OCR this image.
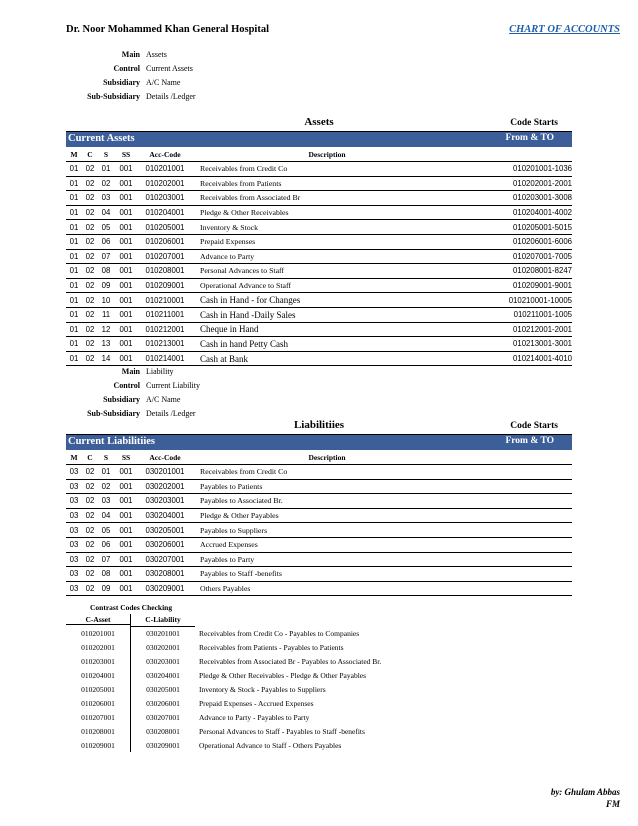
Dr. Noor Mohammed Khan General Hospital	CHART OF ACCOUNTS
Main Assets
Control Current Assets
Subsidiary A/C Name
Sub-Subsidiary Details /Ledger
Assets	Code Starts
Current Assets	From & TO
M	C	S	SS	Acc-Code	Description
01 02 01	001	010201001	Receivables from Credit Co	010201001-1036
01 02 02	001	010202001	Receivables from Patients	010202001-2001
01 02 03	001	010203001	Receivables from Associated Br	010203001-3008
01 02 04	001	010204001	Pledge & Other Receivables	010204001-4002
01 02 05	001	010205001	Inventory & Stock	010205001-5015
01 02 06	001	010206001	Prepaid Expenses	010206001-6006
01 02 07	001	010207001	Advance to Party	010207001-7005
01 02 08	001	010208001	Personal Advances to Staff	010208001-8247
01 02 09	001	010209001	Operational Advance to Staff	010209001-9001
01 02 10	001	010210001	Cash in Hand - for Changes	010210001-10005
01 02 11	001	010211001	Cash in Hand -Daily Sales	010211001-1005
01 02 12	001	010212001	Cheque in Hand	010212001-2001
01 02 13	001	010213001	Cash in hand Petty Cash	010213001-3001
01 02 14	001	010214001	Cash at Bank	010214001-4010
Main Liability
Control Current Liability
Subsidiary A/C Name
Sub-Subsidiary Details /Ledger
Liabilitiies	Code Starts
Current Liabilitiies	From & TO
M	C	S	SS	Acc-Code	Description
03 02 01	001	030201001	Receivables from Credit Co
03 02 02	001	030202001	Payables to Patients
03 02 03	001	030203001	Payables to Associated Br.
03 02 04	001	030204001	Pledge & Other Payables
03 02 05	001	030205001	Payables to Suppliers
03 02 06	001	030206001	Accrued Expenses
03 02 07	001	030207001	Payables to Party
03 02 08	001	030208001	Payables to Staff -benefits
03 02 09	001	030209001	Others Payables
Contrast Codes Checking
C-Asset	C-Liability
010201001	030201001	Receivables from Credit Co - Payables to Companies
010202001	030202001	Receivables from Patients - Payables to Patients
010203001	030203001	Receivables from Associated Br - Payables to Associated Br.
010204001	030204001	Pledge & Other Receivables - Pledge & Other Payables
010205001	030205001	Inventory & Stock - Payables to Suppliers
010206001	030206001	Prepaid Expenses - Accrued Expenses
010207001	030207001	Advance to Party - Payables to Party
010208001	030208001	Personal Advances to Staff - Payables to Staff -benefits
010209001	030209001	Operational Advance to Staff - Others Payables
by: Ghulam Abbas
FM
